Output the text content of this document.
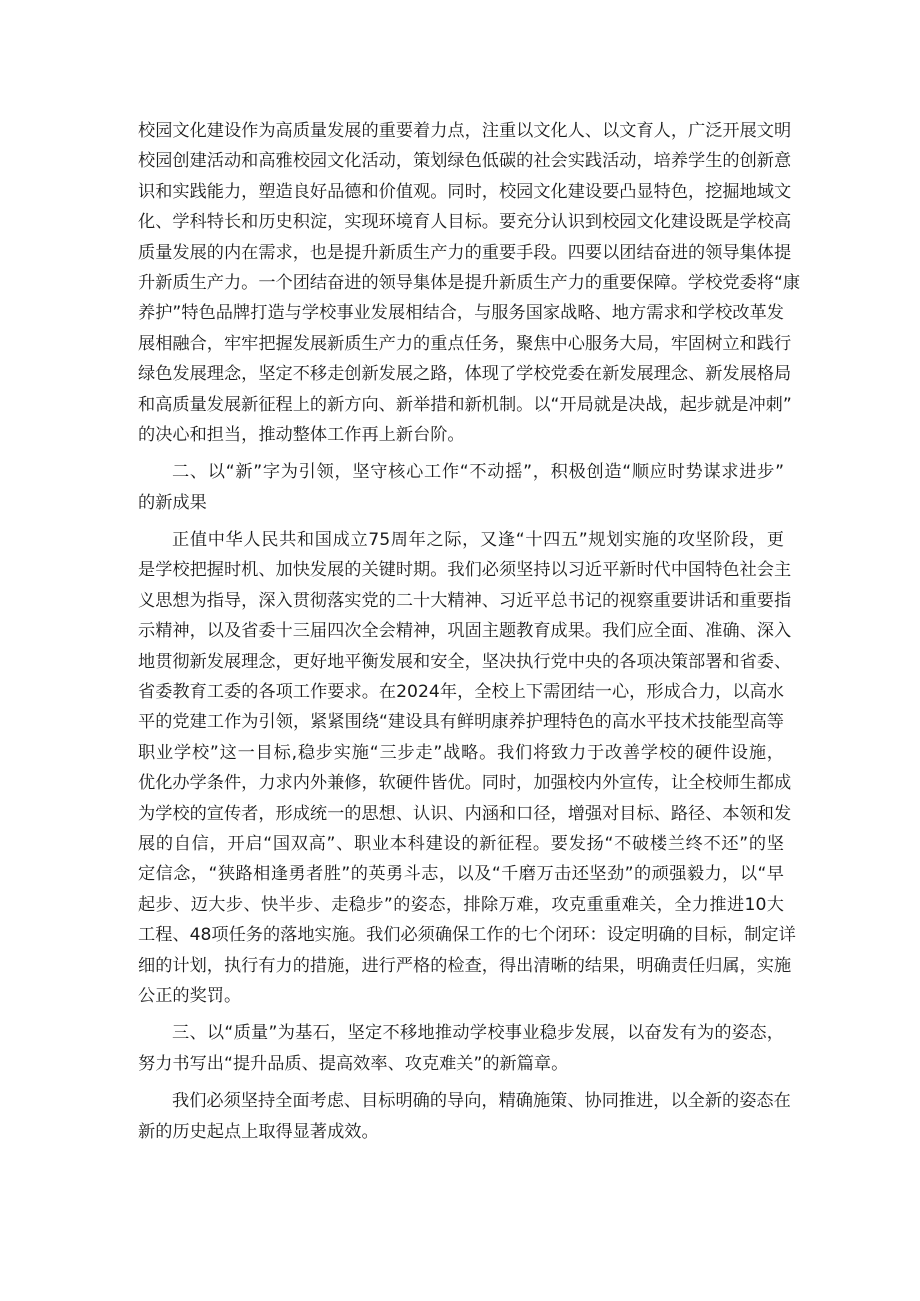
校园文化建设作为高质量发展的重要着力点，注重以文化人、以文育人，广泛开展文明
校园创建活动和高雅校园文化活动，策划绿色低碳的社会实践活动，培养学生的创新意
识和实践能力，塑造良好品德和价值观。同时，校园文化建设要凸显特色，挖掘地域文
化、学科特长和历史积淀，实现环境育人目标。要充分认识到校园文化建设既是学校高
质量发展的内在需求，也是提升新质生产力的重要手段。四要以团结奋进的领导集体提
升新质生产力。一个团结奋进的领导集体是提升新质生产力的重要保障。学校党委将“康
养护”特色品牌打造与学校事业发展相结合，与服务国家战略、地方需求和学校改革发
展相融合，牢牢把握发展新质生产力的重点任务，聚焦中心服务大局，牢固树立和践行
绿色发展理念，坚定不移走创新发展之路，体现了学校党委在新发展理念、新发展格局
和高质量发展新征程上的新方向、新举措和新机制。以“开局就是决战，起步就是冲刺”
的决心和担当，推动整体工作再上新台阶。
二、以“新”字为引领，坚守核心工作“不动摇”，积极创造“顺应时势谋求进步”
的新成果
正值中华人民共和国成立75周年之际，又逢“十四五”规划实施的攻坚阶段，更
是学校把握时机、加快发展的关键时期。我们必须坚持以习近平新时代中国特色社会主
义思想为指导，深入贯彻落实党的二十大精神、习近平总书记的视察重要讲话和重要指
示精神，以及省委十三届四次全会精神，巩固主题教育成果。我们应全面、准确、深入
地贯彻新发展理念，更好地平衡发展和安全，坚决执行党中央的各项决策部署和省委、
省委教育工委的各项工作要求。在2024年，全校上下需团结一心，形成合力，以高水
平的党建工作为引领，紧紧围绕“建设具有鲜明康养护理特色的高水平技术技能型高等
职业学校”这一目标,稳步实施“三步走”战略。我们将致力于改善学校的硬件设施，
优化办学条件，力求内外兼修，软硬件皆优。同时，加强校内外宣传，让全校师生都成
为学校的宣传者，形成统一的思想、认识、内涵和口径，增强对目标、路径、本领和发
展的自信，开启“国双高”、职业本科建设的新征程。要发扬“不破楼兰终不还”的坚
定信念，“狭路相逢勇者胜”的英勇斗志，以及“千磨万击还坚劲”的顽强毅力，以“早
起步、迈大步、快半步、走稳步”的姿态，排除万难，攻克重重难关，全力推进10大
工程、48项任务的落地实施。我们必须确保工作的七个闭环：设定明确的目标，制定详
细的计划，执行有力的措施，进行严格的检查，得出清晰的结果，明确责任归属，实施
公正的奖罚。
三、以“质量”为基石，坚定不移地推动学校事业稳步发展，以奋发有为的姿态，
努力书写出“提升品质、提高效率、攻克难关”的新篇章。
我们必须坚持全面考虑、目标明确的导向，精确施策、协同推进，以全新的姿态在
新的历史起点上取得显著成效。
